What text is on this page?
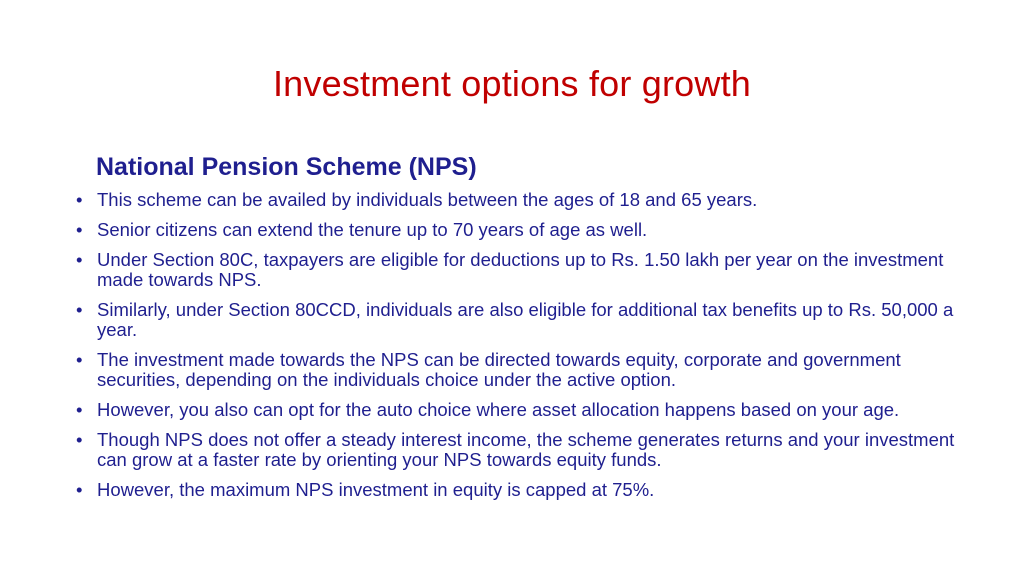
Investment options for growth
National Pension Scheme (NPS)
• This scheme can be availed by individuals between the ages of 18 and 65 years.
• Senior citizens can extend the tenure up to 70 years of age as well.
• Under Section 80C, taxpayers are eligible for deductions up to Rs. 1.50 lakh per year on the investment made towards NPS.
• Similarly, under Section 80CCD, individuals are also eligible for additional tax benefits up to Rs. 50,000 a year.
• The investment made towards the NPS can be directed towards equity, corporate and government securities, depending on the individuals choice under the active option.
• However, you also can opt for the auto choice where asset allocation happens based on your age.
• Though NPS does not offer a steady interest income, the scheme generates returns and your investment can grow at a faster rate by orienting your NPS towards equity funds.
• However, the maximum NPS investment in equity is capped at 75%.
